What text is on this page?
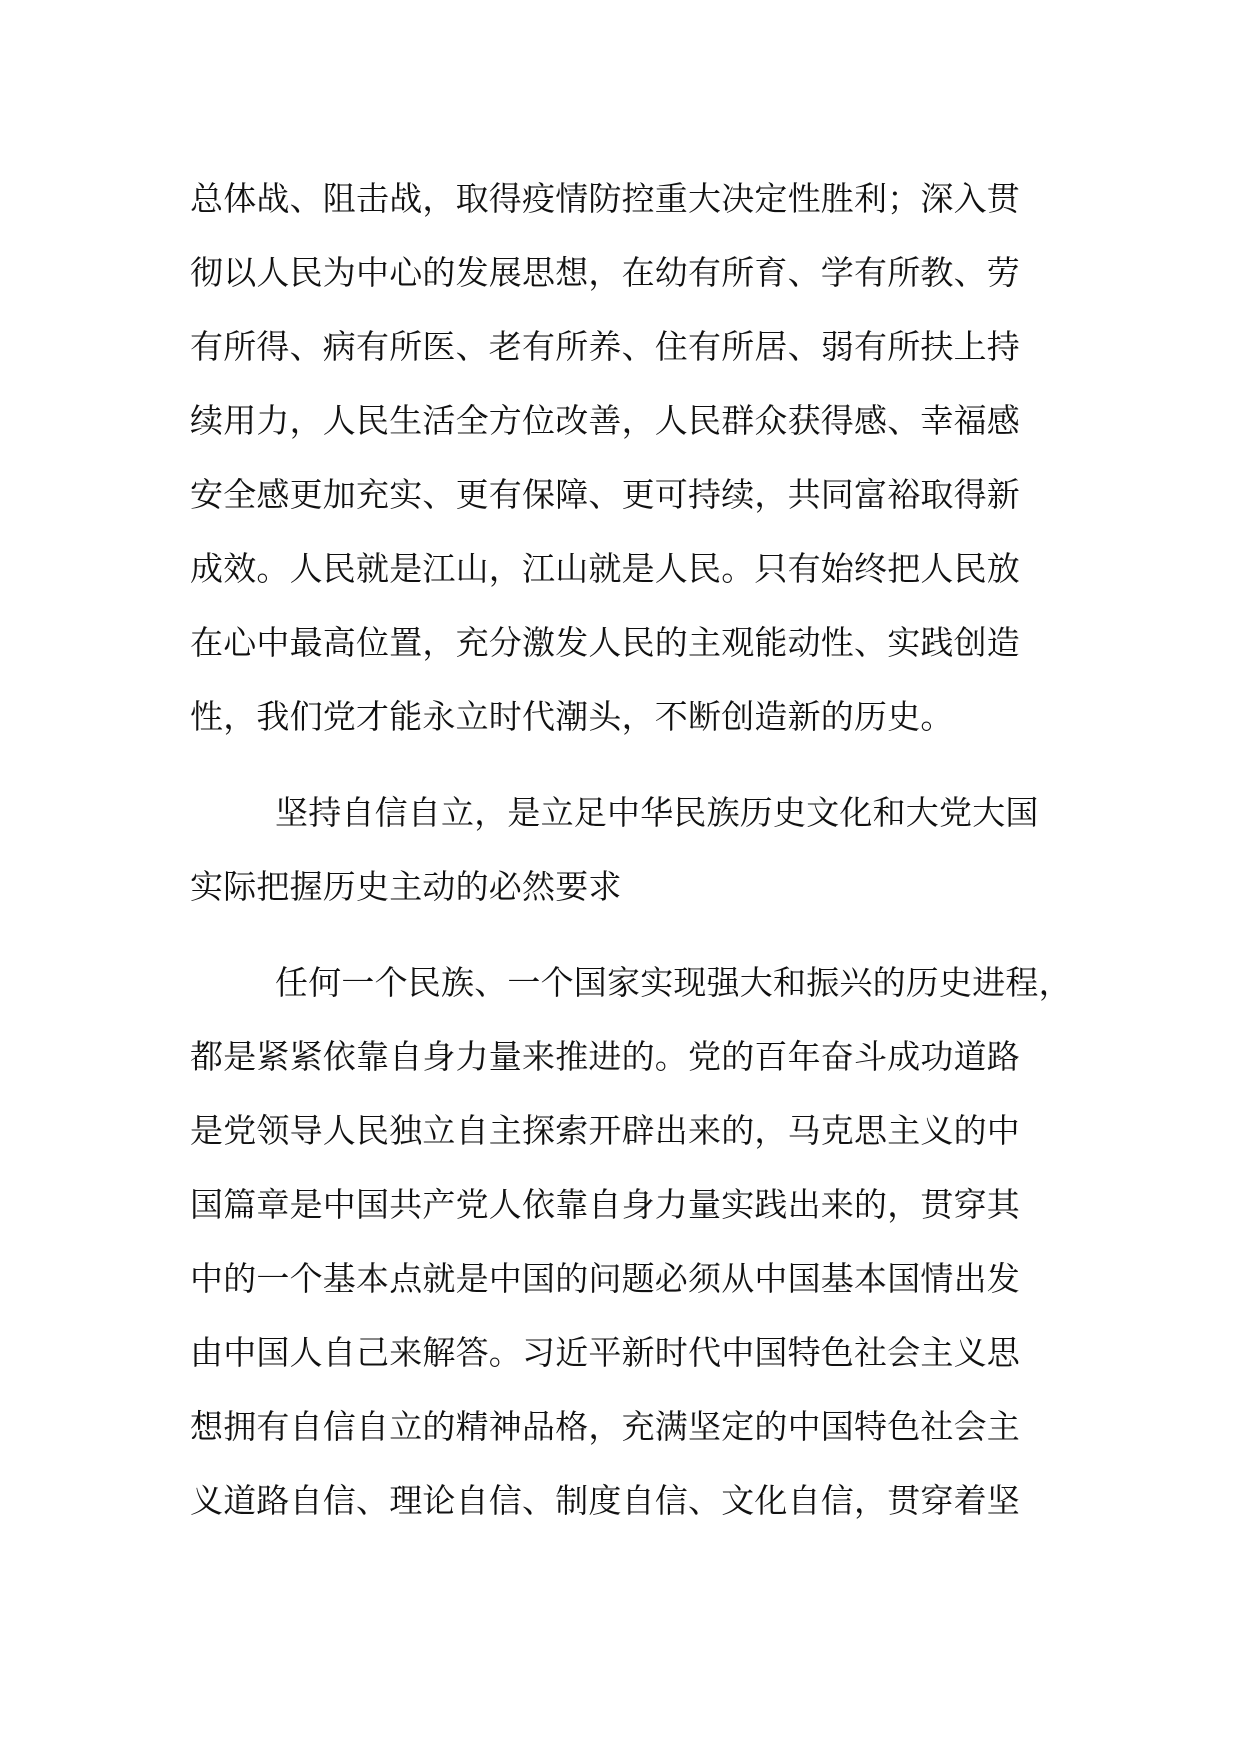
总体战、阻击战，取得疫情防控重大决定性胜利；深入贯
彻以人民为中心的发展思想，在幼有所育、学有所教、劳
有所得、病有所医、老有所养、住有所居、弱有所扶上持
续用力，人民生活全方位改善，人民群众获得感、幸福感
安全感更加充实、更有保障、更可持续，共同富裕取得新
成效。人民就是江山，江山就是人民。只有始终把人民放
在心中最高位置，充分激发人民的主观能动性、实践创造
性，我们党才能永立时代潮头，不断创造新的历史。
坚持自信自立，是立足中华民族历史文化和大党大国
实际把握历史主动的必然要求
任何一个民族、一个国家实现强大和振兴的历史进程，
都是紧紧依靠自身力量来推进的。党的百年奋斗成功道路
是党领导人民独立自主探索开辟出来的，马克思主义的中
国篇章是中国共产党人依靠自身力量实践出来的，贯穿其
中的一个基本点就是中国的问题必须从中国基本国情出发
由中国人自己来解答。习近平新时代中国特色社会主义思
想拥有自信自立的精神品格，充满坚定的中国特色社会主
义道路自信、理论自信、制度自信、文化自信，贯穿着坚
